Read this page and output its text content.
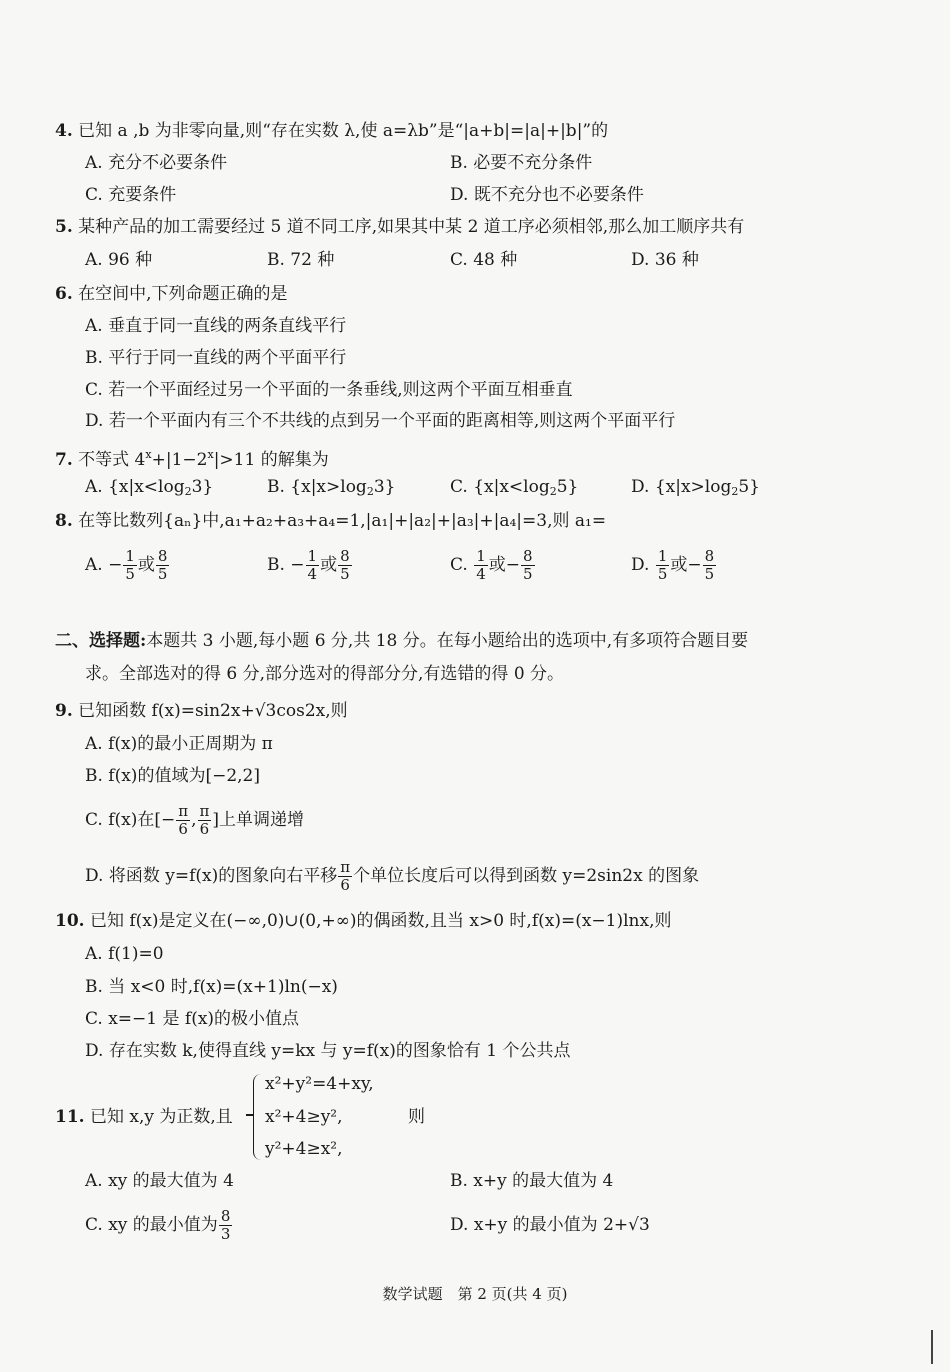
4. 已知 a ,b 为非零向量,则“存在实数 λ,使 a=λb”是“|a+b|=|a|+|b|”的
A. 充分不必要条件	B. 必要不充分条件
C. 充要条件	D. 既不充分也不必要条件
5. 某种产品的加工需要经过 5 道不同工序,如果其中某 2 道工序必须相邻,那么加工顺序共有
A. 96 种	B. 72 种	C. 48 种	D. 36 种
6. 在空间中,下列命题正确的是
A. 垂直于同一直线的两条直线平行
B. 平行于同一直线的两个平面平行
C. 若一个平面经过另一个平面的一条垂线,则这两个平面互相垂直
D. 若一个平面内有三个不共线的点到另一个平面的距离相等,则这两个平面平行
7. 不等式 $4^x+|1-2^x|>11$ 的解集为
A. $\{x|x<\log_23\}$	B. $\{x|x>\log_23\}$	C. $\{x|x<\log_25\}$	D. $\{x|x>\log_25\}$
8. 在等比数列{aₙ}中,a₁+a₂+a₃+a₄=1,|a₁|+|a₂|+|a₃|+|a₄|=3,则 a₁=
A. − $\frac{1}{5}$ 或 $\frac{8}{5}$	B. − $\frac{1}{4}$ 或 $\frac{8}{5}$	C. $\frac{1}{4}$ 或− $\frac{8}{5}$	D. $\frac{1}{5}$ 或− $\frac{8}{5}$
二、选择题:本题共 3 小题,每小题 6 分,共 18 分。在每小题给出的选项中,有多项符合题目要
求。全部选对的得 6 分,部分选对的得部分分,有选错的得 0 分。
9. 已知函数 f(x)=sin2x+√3cos2x,则
A. f(x)的最小正周期为 π
B. f(x)的值域为[−2,2]
C. f(x)在[− $\frac{\pi}{6}$ , $\frac{\pi}{6}$ ]上单调递增
D. 将函数 y=f(x)的图象向右平移 $\frac{\pi}{6}$ 个单位长度后可以得到函数 y=2sin2x 的图象
10. 已知 f(x)是定义在(−∞,0)∪(0,+∞)的偶函数,且当 x>0 时,f(x)=(x−1)lnx,则
A. f(1)=0
B. 当 x<0 时,f(x)=(x+1)ln(−x)
C. x=−1 是 f(x)的极小值点
D. 存在实数 k,使得直线 y=kx 与 y=f(x)的图象恰有 1 个公共点
11. 已知 x,y 为正数,且
x²+y²=4+xy,
x²+4≥y²,	则
y²+4≥x²,
A. xy 的最大值为 4	B. x+y 的最大值为 4
C. xy 的最小值为 $\frac{8}{3}$	D. x+y 的最小值为 2+√3
数学试题　第 2 页(共 4 页)
